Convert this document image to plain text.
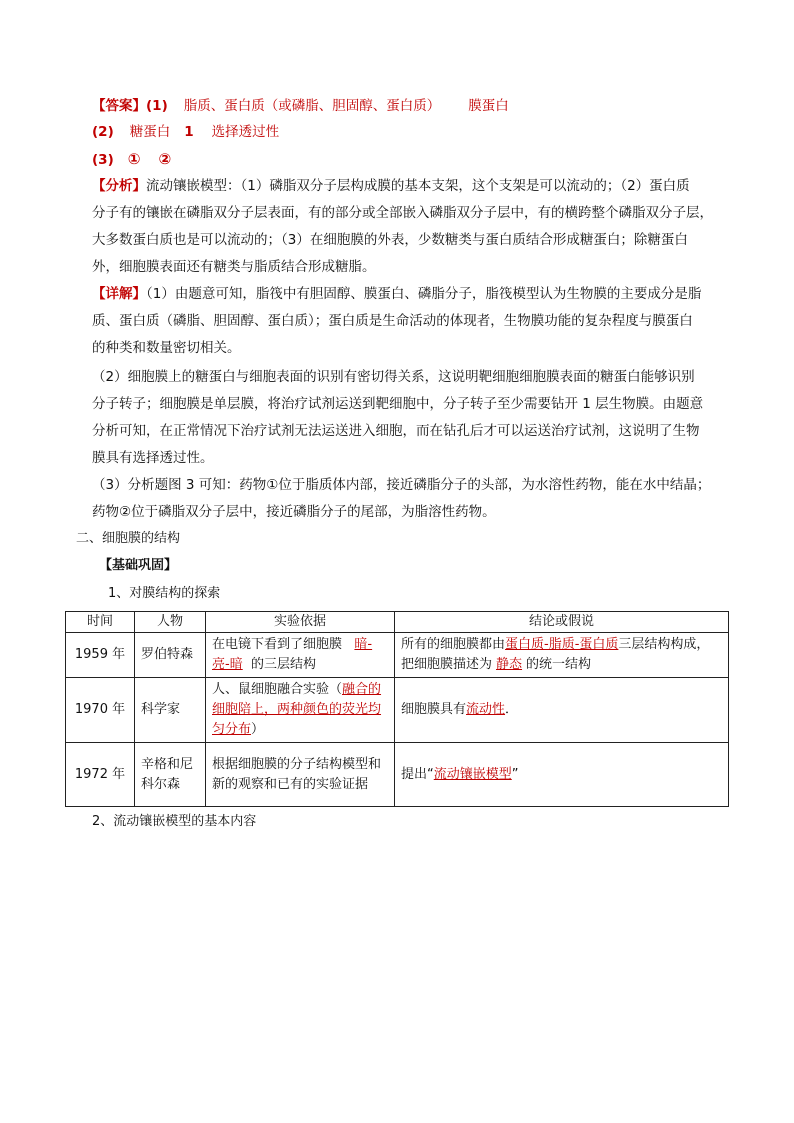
【答案】(1) 脂质、蛋白质（或磷脂、胆固醇、蛋白质） 膜蛋白
(2) 糖蛋白 1 选择透过性
(3) ① ②
【分析】流动镶嵌模型：（1）磷脂双分子层构成膜的基本支架，这个支架是可以流动的；（2）蛋白质
分子有的镶嵌在磷脂双分子层表面，有的部分或全部嵌入磷脂双分子层中，有的横跨整个磷脂双分子层，
大多数蛋白质也是可以流动的；（3）在细胞膜的外表，少数糖类与蛋白质结合形成糖蛋白；除糖蛋白
外，细胞膜表面还有糖类与脂质结合形成糖脂。
【详解】（1）由题意可知，脂筏中有胆固醇、膜蛋白、磷脂分子，脂筏模型认为生物膜的主要成分是脂
质、蛋白质（磷脂、胆固醇、蛋白质）；蛋白质是生命活动的体现者，生物膜功能的复杂程度与膜蛋白
的种类和数量密切相关。
（2）细胞膜上的糖蛋白与细胞表面的识别有密切得关系，这说明靶细胞细胞膜表面的糖蛋白能够识别
分子转子；细胞膜是单层膜，将治疗试剂运送到靶细胞中，分子转子至少需要钻开 1 层生物膜。由题意
分析可知，在正常情况下治疗试剂无法运送进入细胞，而在钻孔后才可以运送治疗试剂，这说明了生物
膜具有选择透过性。
（3）分析题图 3 可知：药物①位于脂质体内部，接近磷脂分子的头部，为水溶性药物，能在水中结晶；
药物②位于磷脂双分子层中，接近磷脂分子的尾部，为脂溶性药物。
二、细胞膜的结构
【基础巩固】
1、对膜结构的探索
时间	人物	实验依据	结论或假说
1959 年	罗伯特森	在电镜下看到了细胞膜 暗-亮-暗 的三层结构	所有的细胞膜都由蛋白质-脂质-蛋白质三层结构构成，把细胞膜描述为 静态 的统一结构
1970 年	科学家	人、鼠细胞融合实验（融合的细胞陪上，两种颜色的荧光均匀分布）	细胞膜具有流动性．
1972 年	辛格和尼科尔森	根据细胞膜的分子结构模型和新的观察和已有的实验证据	提出“流动镶嵌模型”
2、流动镶嵌模型的基本内容
